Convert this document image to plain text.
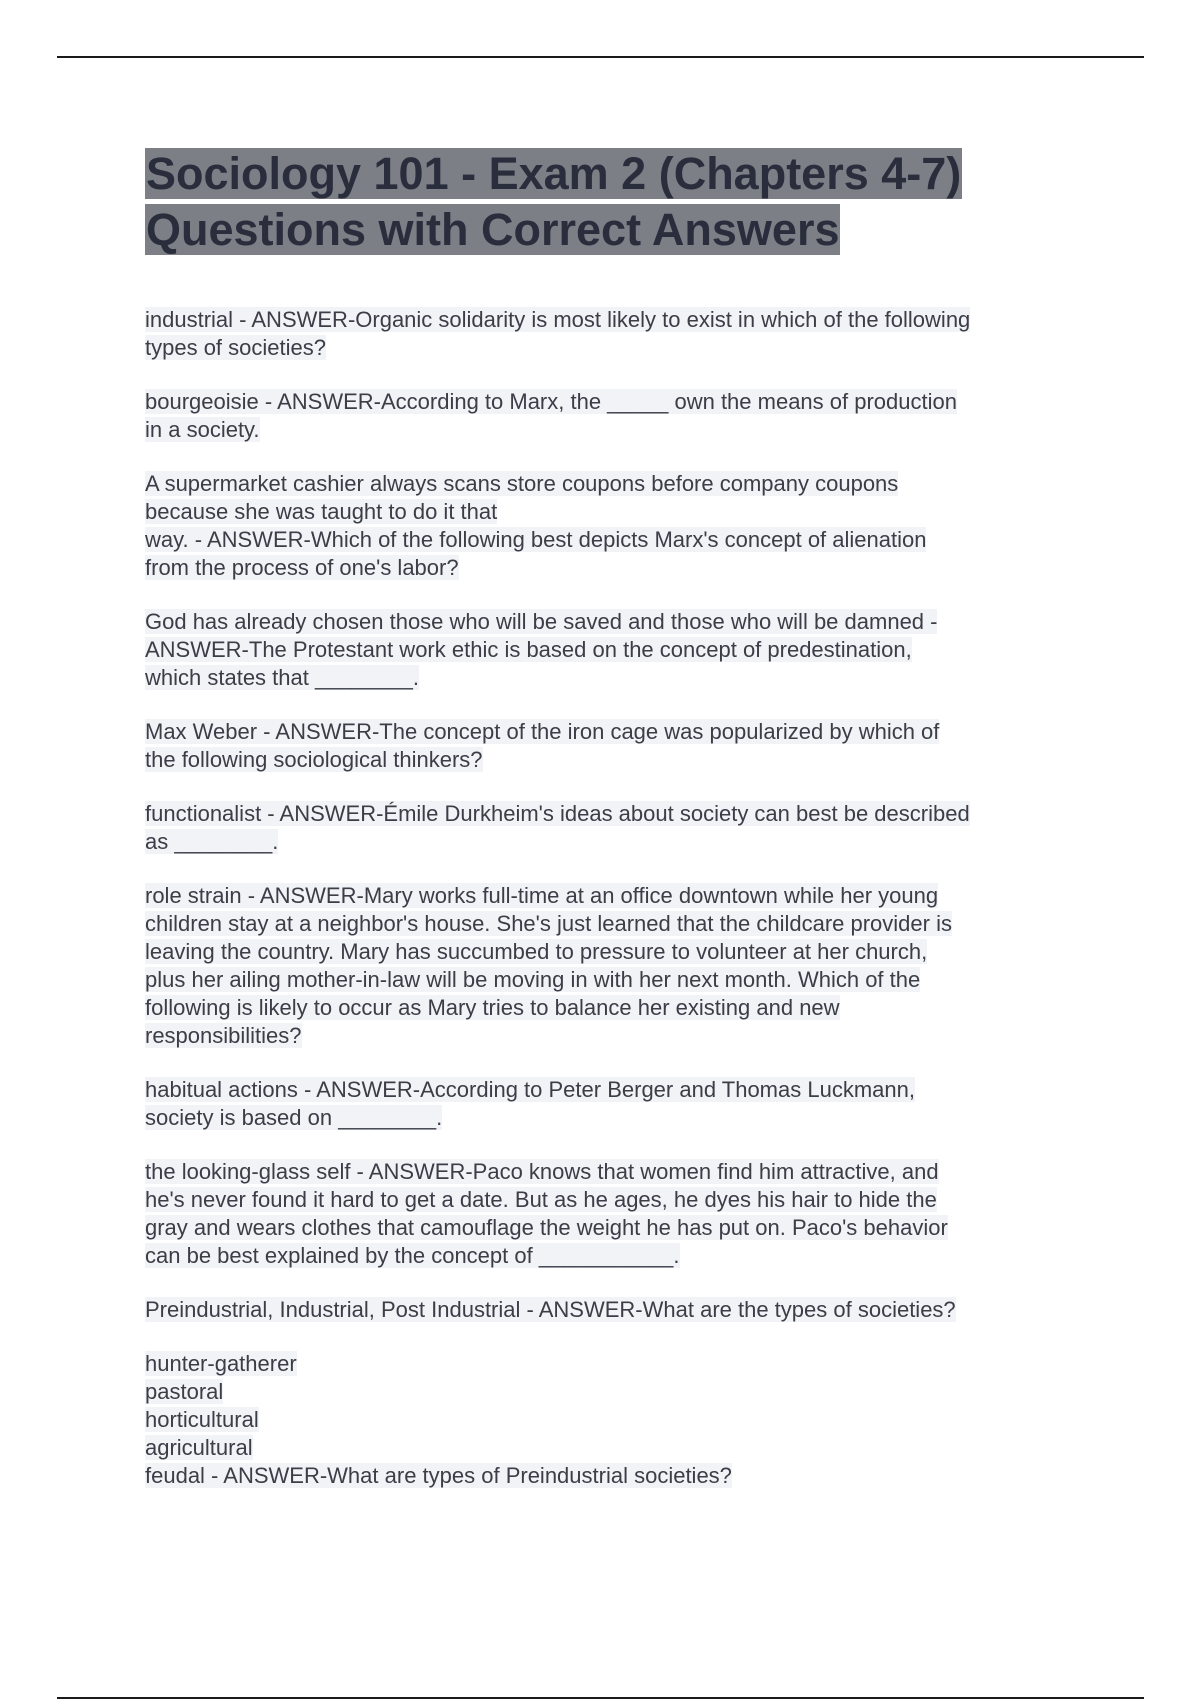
Sociology 101 - Exam 2 (Chapters 4-7)
Questions with Correct Answers

industrial - ANSWER-Organic solidarity is most likely to exist in which of the following
types of societies?

bourgeoisie - ANSWER-According to Marx, the _____ own the means of production
in a society.

A supermarket cashier always scans store coupons before company coupons
because she was taught to do it that
way. - ANSWER-Which of the following best depicts Marx's concept of alienation
from the process of one's labor?

God has already chosen those who will be saved and those who will be damned -
ANSWER-The Protestant work ethic is based on the concept of predestination,
which states that ________.

Max Weber - ANSWER-The concept of the iron cage was popularized by which of
the following sociological thinkers?

functionalist - ANSWER-Émile Durkheim's ideas about society can best be described
as ________.

role strain - ANSWER-Mary works full-time at an office downtown while her young
children stay at a neighbor's house. She's just learned that the childcare provider is
leaving the country. Mary has succumbed to pressure to volunteer at her church,
plus her ailing mother-in-law will be moving in with her next month. Which of the
following is likely to occur as Mary tries to balance her existing and new
responsibilities?

habitual actions - ANSWER-According to Peter Berger and Thomas Luckmann,
society is based on ________.

the looking-glass self - ANSWER-Paco knows that women find him attractive, and
he's never found it hard to get a date. But as he ages, he dyes his hair to hide the
gray and wears clothes that camouflage the weight he has put on. Paco's behavior
can be best explained by the concept of ___________.

Preindustrial, Industrial, Post Industrial - ANSWER-What are the types of societies?

hunter-gatherer
pastoral
horticultural
agricultural
feudal - ANSWER-What are types of Preindustrial societies?
